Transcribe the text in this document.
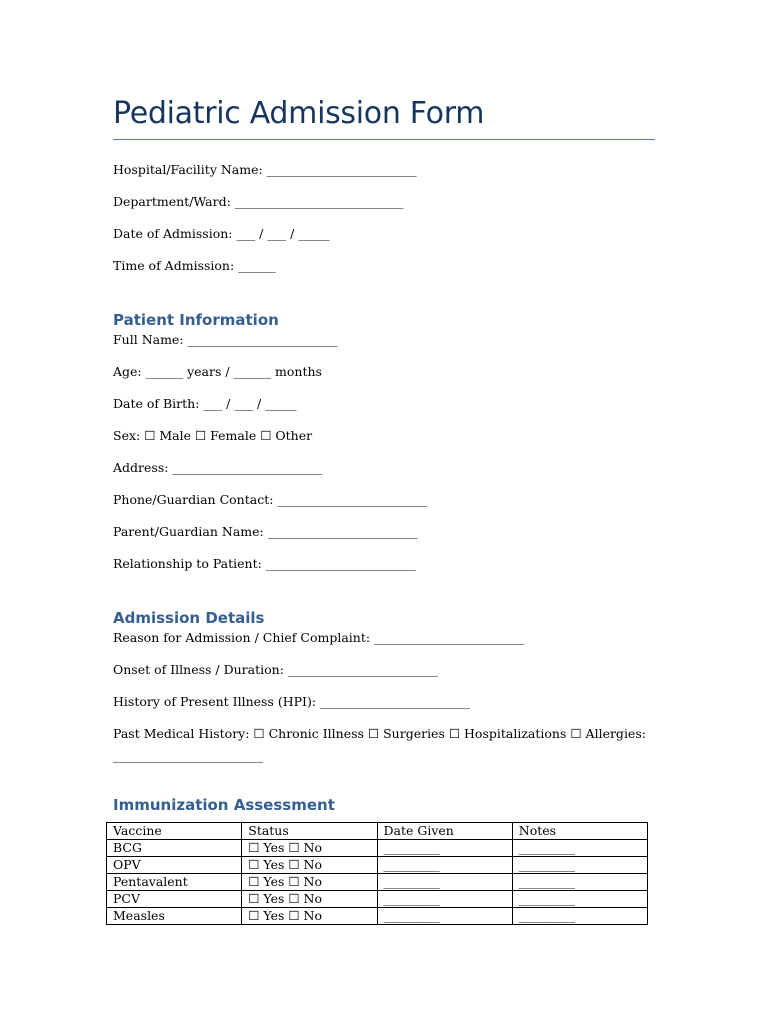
Pediatric Admission Form

Hospital/Facility Name: ________________________

Department/Ward: ___________________________

Date of Admission: ___ / ___ / _____

Time of Admission: ______

Patient Information

Full Name: ________________________

Age: ______ years / ______ months

Date of Birth: ___ / ___ / _____

Sex: ☐ Male ☐ Female ☐ Other

Address: ________________________

Phone/Guardian Contact: ________________________

Parent/Guardian Name: ________________________

Relationship to Patient: ________________________

Admission Details

Reason for Admission / Chief Complaint: ________________________

Onset of Illness / Duration: ________________________

History of Present Illness (HPI): ________________________

Past Medical History: ☐ Chronic Illness ☐ Surgeries ☐ Hospitalizations ☐ Allergies: ________________________

Immunization Assessment
Vaccine	Status	Date Given	Notes
BCG	☐ Yes ☐ No	_________	_________
OPV	☐ Yes ☐ No	_________	_________
Pentavalent	☐ Yes ☐ No	_________	_________
PCV	☐ Yes ☐ No	_________	_________
Measles	☐ Yes ☐ No	_________	_________
